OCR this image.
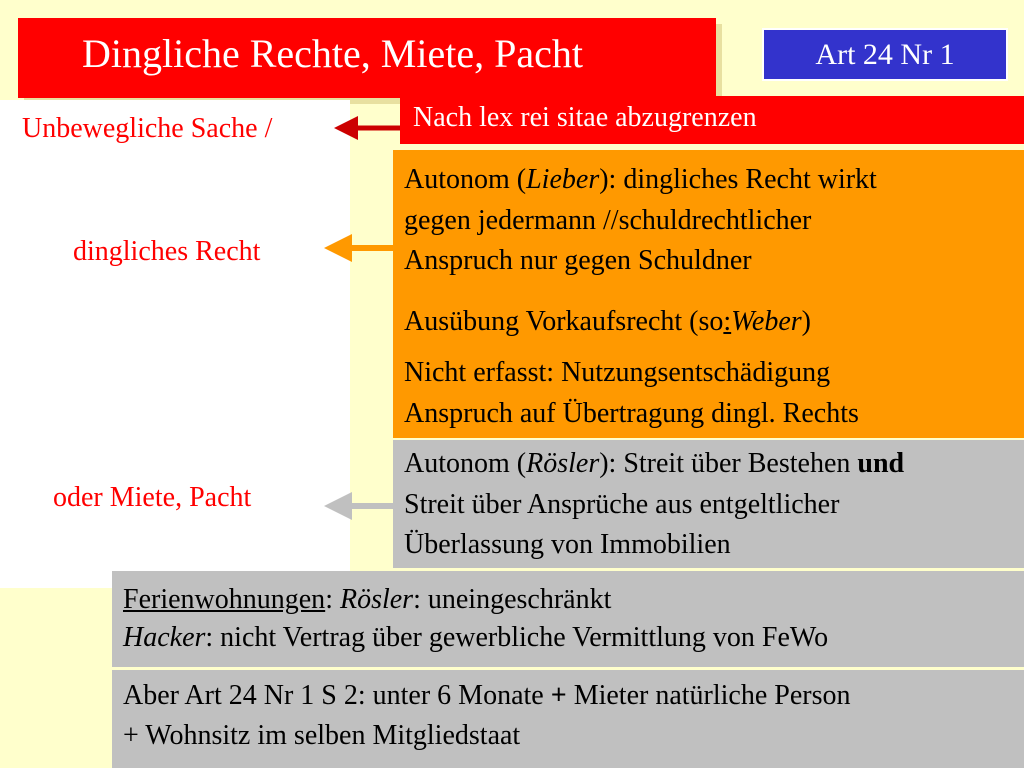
Dingliche Rechte, Miete, Pacht	Art 24 Nr 1
Unbewegliche Sache /
dingliches Recht
oder Miete, Pacht
Nach lex rei sitae abzugrenzen
Autonom (Lieber): dingliches Recht wirkt
gegen jedermann //schuldrechtlicher
Anspruch nur gegen Schuldner
Ausübung Vorkaufsrecht (so:Weber)
Nicht erfasst: Nutzungsentschädigung
Anspruch auf Übertragung dingl. Rechts
Autonom (Rösler): Streit über Bestehen und
Streit über Ansprüche aus entgeltlicher
Überlassung von Immobilien
Ferienwohnungen: Rösler: uneingeschränkt
Hacker: nicht Vertrag über gewerbliche Vermittlung von FeWo
Aber Art 24 Nr 1 S 2: unter 6 Monate + Mieter natürliche Person
+ Wohnsitz im selben Mitgliedstaat
